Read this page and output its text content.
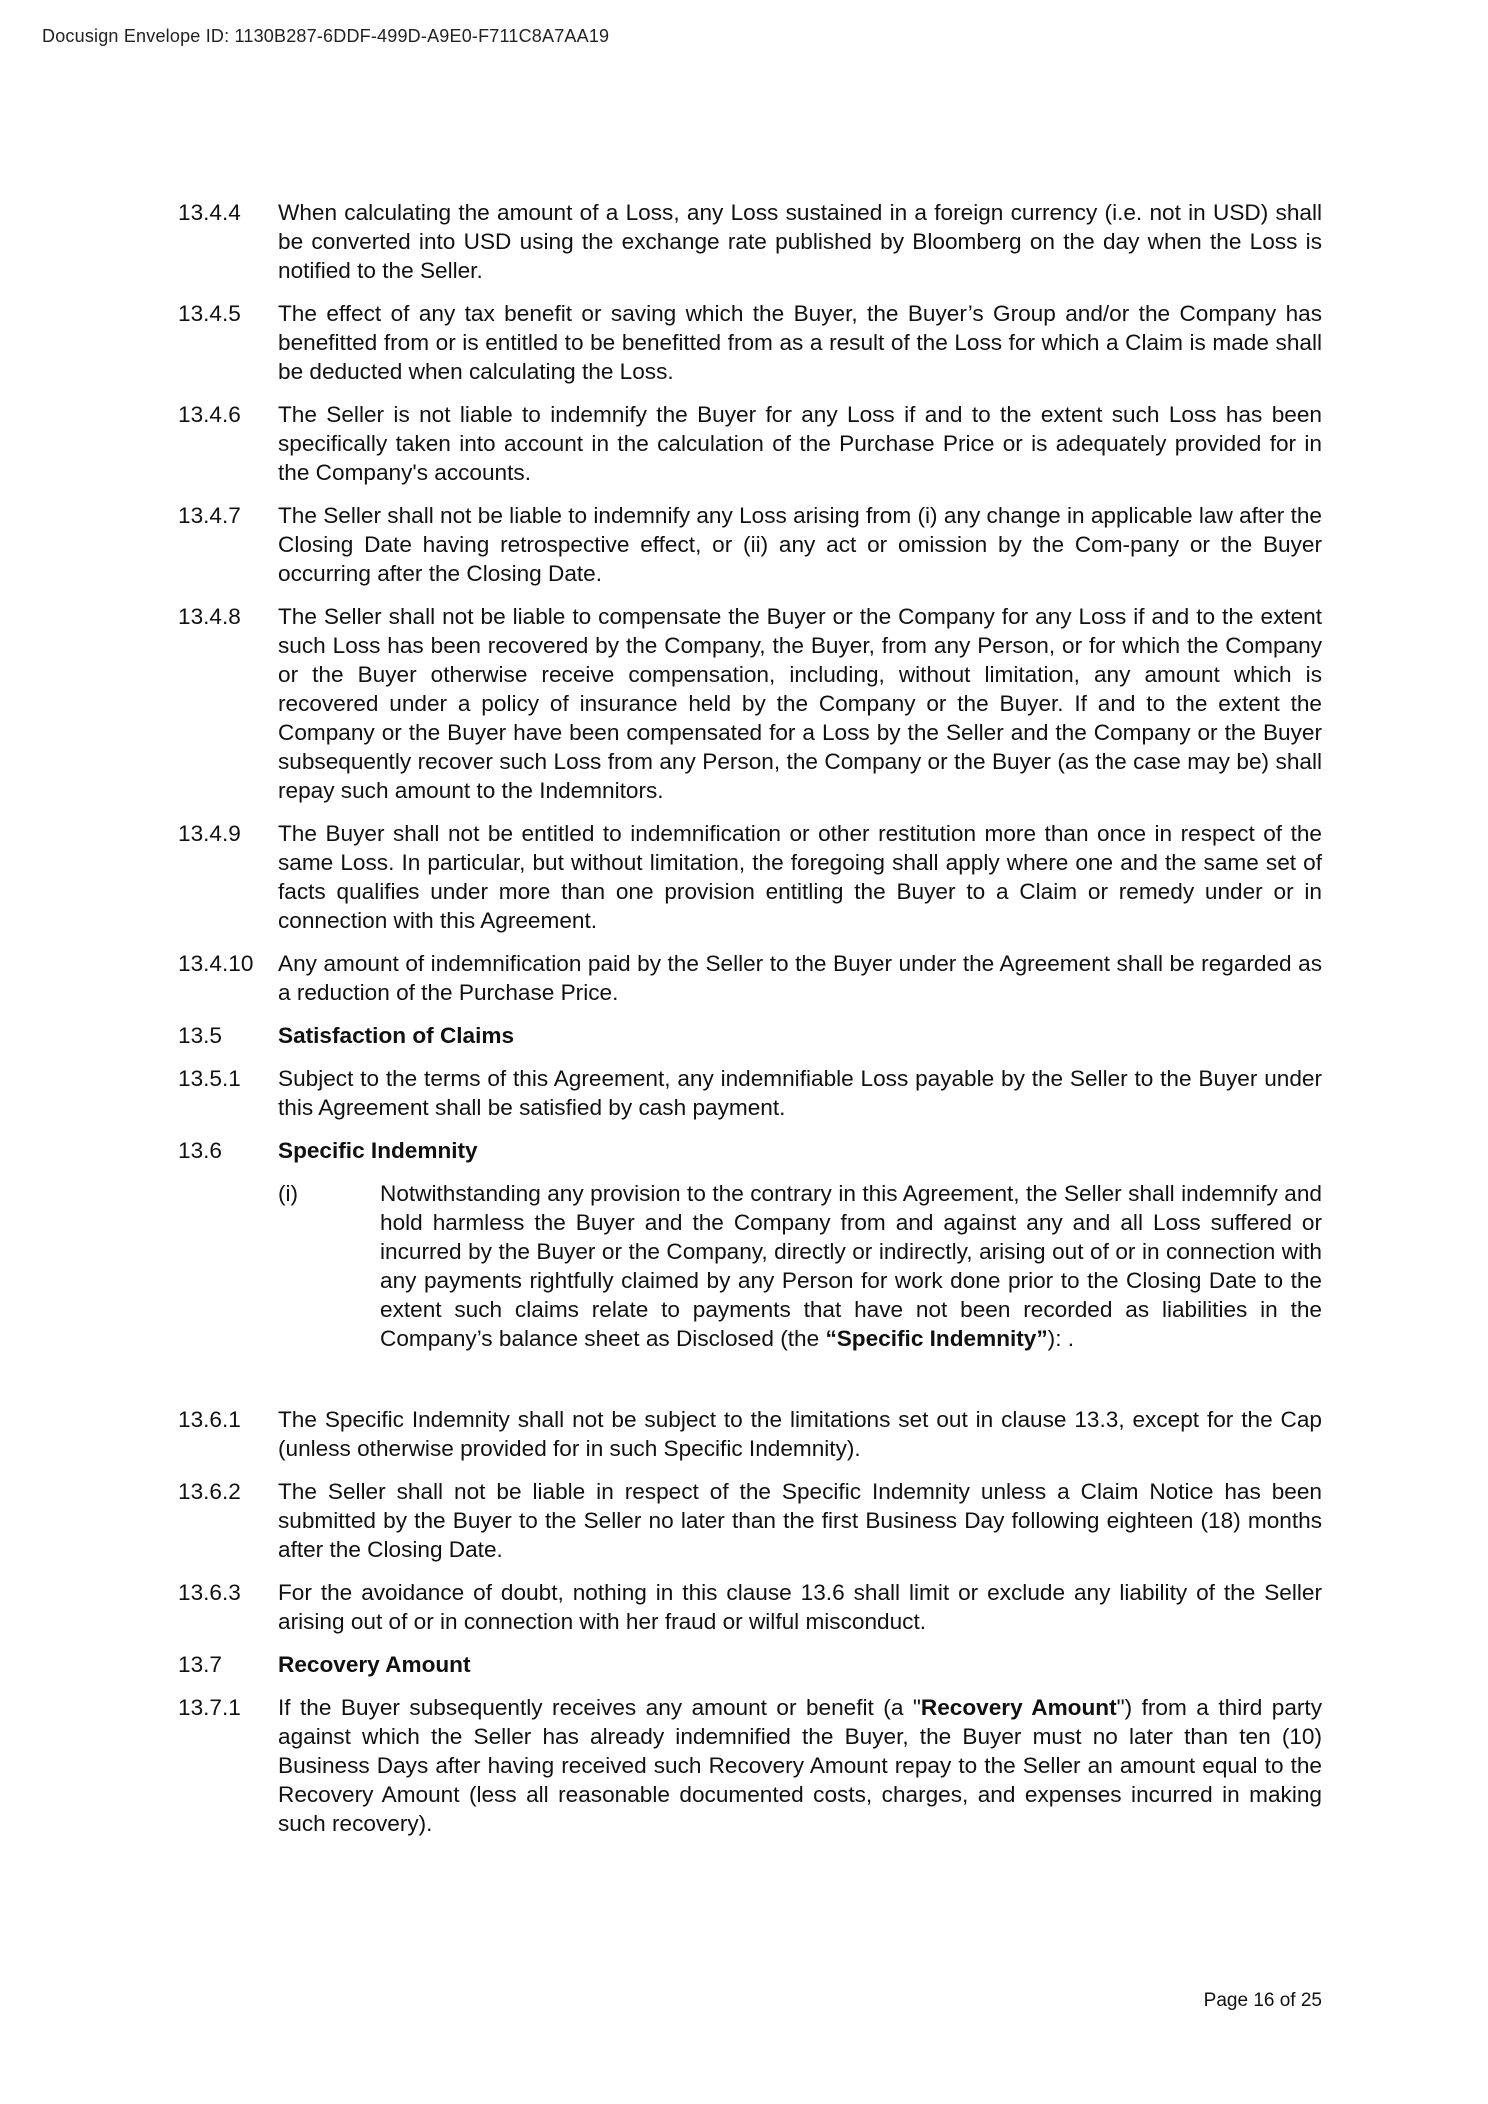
Docusign Envelope ID: 1130B287-6DDF-499D-A9E0-F711C8A7AA19
13.4.4	When calculating the amount of a Loss, any Loss sustained in a foreign currency (i.e. not in USD) shall be converted into USD using the exchange rate published by Bloomberg on the day when the Loss is notified to the Seller.
13.4.5	The effect of any tax benefit or saving which the Buyer, the Buyer’s Group and/or the Company has benefitted from or is entitled to be benefitted from as a result of the Loss for which a Claim is made shall be deducted when calculating the Loss.
13.4.6	The Seller is not liable to indemnify the Buyer for any Loss if and to the extent such Loss has been specifically taken into account in the calculation of the Purchase Price or is adequately provided for in the Company's accounts.
13.4.7	The Seller shall not be liable to indemnify any Loss arising from (i) any change in applicable law after the Closing Date having retrospective effect, or (ii) any act or omission by the Com-pany or the Buyer occurring after the Closing Date.
13.4.8	The Seller shall not be liable to compensate the Buyer or the Company for any Loss if and to the extent such Loss has been recovered by the Company, the Buyer, from any Person, or for which the Company or the Buyer otherwise receive compensation, including, without limitation, any amount which is recovered under a policy of insurance held by the Company or the Buyer. If and to the extent the Company or the Buyer have been compensated for a Loss by the Seller and the Company or the Buyer subsequently recover such Loss from any Person, the Company or the Buyer (as the case may be) shall repay such amount to the Indemnitors.
13.4.9	The Buyer shall not be entitled to indemnification or other restitution more than once in respect of the same Loss. In particular, but without limitation, the foregoing shall apply where one and the same set of facts qualifies under more than one provision entitling the Buyer to a Claim or remedy under or in connection with this Agreement.
13.4.10	Any amount of indemnification paid by the Seller to the Buyer under the Agreement shall be regarded as a reduction of the Purchase Price.
13.5	Satisfaction of Claims
13.5.1	Subject to the terms of this Agreement, any indemnifiable Loss payable by the Seller to the Buyer under this Agreement shall be satisfied by cash payment.
13.6	Specific Indemnity
(i)	Notwithstanding any provision to the contrary in this Agreement, the Seller shall indemnify and hold harmless the Buyer and the Company from and against any and all Loss suffered or incurred by the Buyer or the Company, directly or indirectly, arising out of or in connection with any payments rightfully claimed by any Person for work done prior to the Closing Date to the extent such claims relate to payments that have not been recorded as liabilities in the Company’s balance sheet as Disclosed (the “Specific Indemnity”): .
13.6.1	The Specific Indemnity shall not be subject to the limitations set out in clause 13.3, except for the Cap (unless otherwise provided for in such Specific Indemnity).
13.6.2	The Seller shall not be liable in respect of the Specific Indemnity unless a Claim Notice has been submitted by the Buyer to the Seller no later than the first Business Day following eighteen (18) months after the Closing Date.
13.6.3	For the avoidance of doubt, nothing in this clause 13.6 shall limit or exclude any liability of the Seller arising out of or in connection with her fraud or wilful misconduct.
13.7	Recovery Amount
13.7.1	If the Buyer subsequently receives any amount or benefit (a "Recovery Amount") from a third party against which the Seller has already indemnified the Buyer, the Buyer must no later than ten (10) Business Days after having received such Recovery Amount repay to the Seller an amount equal to the Recovery Amount (less all reasonable documented costs, charges, and expenses incurred in making such recovery).
Page 16 of 25
